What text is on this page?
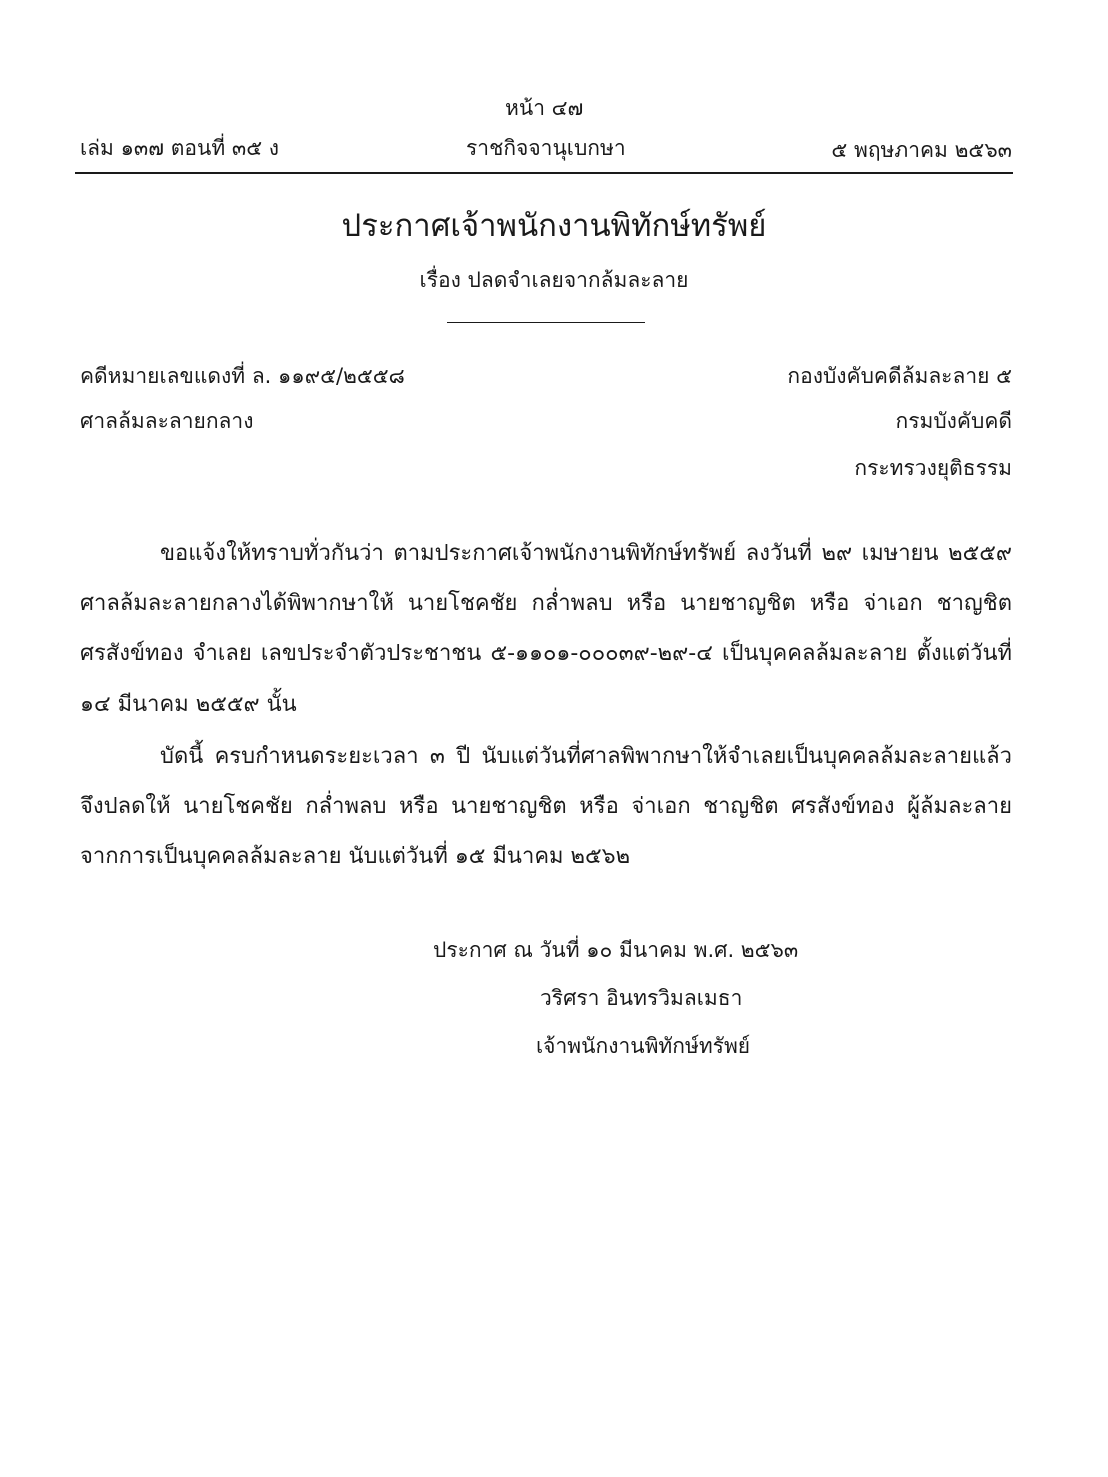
หน้า ๔๗
เล่ม ๑๓๗ ตอนที่ ๓๕ ง	ราชกิจจานุเบกษา	๕ พฤษภาคม ๒๕๖๓
ประกาศเจ้าพนักงานพิทักษ์ทรัพย์
เรื่อง ปลดจำเลยจากล้มละลาย
คดีหมายเลขแดงที่ ล. ๑๑๙๕/๒๕๕๘	กองบังคับคดีล้มละลาย ๕
ศาลล้มละลายกลาง	กรมบังคับคดี
กระทรวงยุติธรรม
ขอแจ้งให้ทราบทั่วกันว่า ตามประกาศเจ้าพนักงานพิทักษ์ทรัพย์ ลงวันที่ ๒๙ เมษายน ๒๕๕๙
ศาลล้มละลายกลางได้พิพากษาให้ นายโชคชัย กล่ำพลบ หรือ นายชาญชิต หรือ จ่าเอก ชาญชิต
ศรสังข์ทอง จำเลย เลขประจำตัวประชาชน ๕-๑๑๐๑-๐๐๐๓๙-๒๙-๔ เป็นบุคคลล้มละลาย ตั้งแต่วันที่
๑๔ มีนาคม ๒๕๕๙ นั้น
บัดนี้ ครบกำหนดระยะเวลา ๓ ปี นับแต่วันที่ศาลพิพากษาให้จำเลยเป็นบุคคลล้มละลายแล้ว
จึงปลดให้ นายโชคชัย กล่ำพลบ หรือ นายชาญชิต หรือ จ่าเอก ชาญชิต ศรสังข์ทอง ผู้ล้มละลาย
จากการเป็นบุคคลล้มละลาย นับแต่วันที่ ๑๕ มีนาคม ๒๕๖๒
ประกาศ ณ วันที่ ๑๐ มีนาคม พ.ศ. ๒๕๖๓
วริศรา อินทรวิมลเมธา
เจ้าพนักงานพิทักษ์ทรัพย์
